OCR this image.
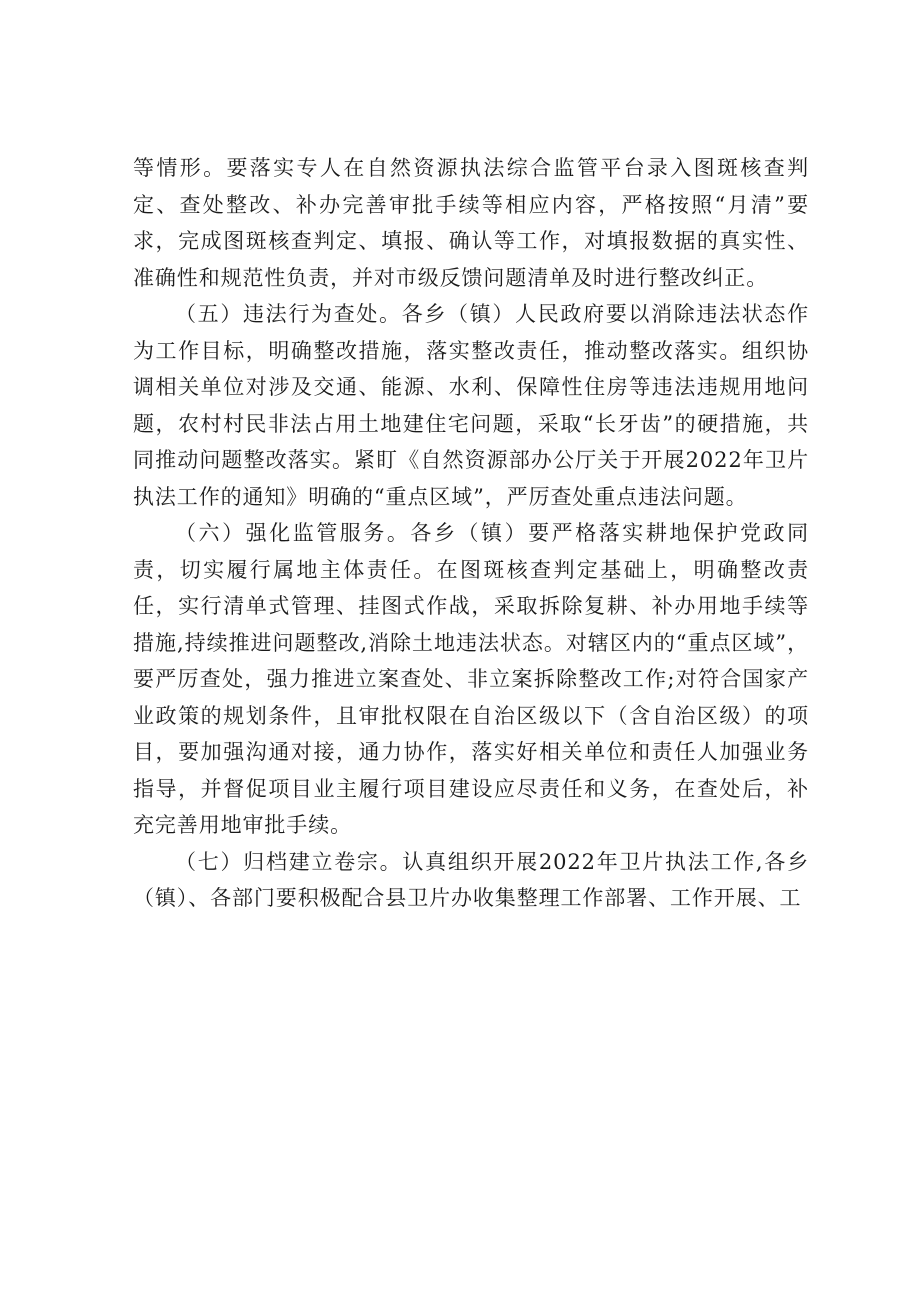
等情形。要落实专人在自然资源执法综合监管平台录入图斑核查判定、查处整改、补办完善审批手续等相应内容，严格按照“月清”要求，完成图斑核查判定、填报、确认等工作，对填报数据的真实性、准确性和规范性负责，并对市级反馈问题清单及时进行整改纠正。

（五）违法行为查处。各乡（镇）人民政府要以消除违法状态作为工作目标，明确整改措施，落实整改责任，推动整改落实。组织协调相关单位对涉及交通、能源、水利、保障性住房等违法违规用地问题，农村村民非法占用土地建住宅问题，采取“长牙齿”的硬措施，共同推动问题整改落实。紧盯《自然资源部办公厅关于开展2022年卫片执法工作的通知》明确的“重点区域”，严厉查处重点违法问题。

（六）强化监管服务。各乡（镇）要严格落实耕地保护党政同责，切实履行属地主体责任。在图斑核查判定基础上，明确整改责任，实行清单式管理、挂图式作战，采取拆除复耕、补办用地手续等措施,持续推进问题整改,消除土地违法状态。对辖区内的“重点区域”，要严厉查处，强力推进立案查处、非立案拆除整改工作;对符合国家产业政策的规划条件，且审批权限在自治区级以下（含自治区级）的项目，要加强沟通对接，通力协作，落实好相关单位和责任人加强业务指导，并督促项目业主履行项目建设应尽责任和义务，在查处后，补充完善用地审批手续。

（七）归档建立卷宗。认真组织开展2022年卫片执法工作,各乡（镇）、各部门要积极配合县卫片办收集整理工作部署、工作开展、工
